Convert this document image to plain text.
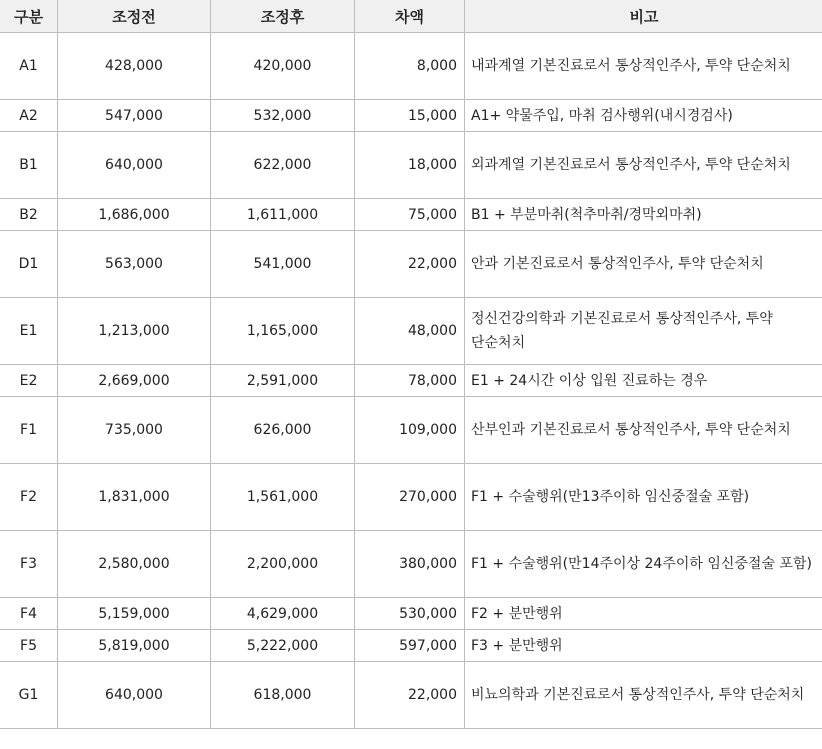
구분	조정전	조정후	차액	비고
A1	428,000	420,000	8,000	내과계열 기본진료로서 통상적인주사, 투약 단순처치
A2	547,000	532,000	15,000	A1+ 약물주입, 마취 검사행위(내시경검사)
B1	640,000	622,000	18,000	외과계열 기본진료로서 통상적인주사, 투약 단순처치
B2	1,686,000	1,611,000	75,000	B1 + 부분마취(척추마취/경막외마취)
D1	563,000	541,000	22,000	안과 기본진료로서 통상적인주사, 투약 단순처치
E1	1,213,000	1,165,000	48,000	정신건강의학과 기본진료로서 통상적인주사, 투약 단순처치
E2	2,669,000	2,591,000	78,000	E1 + 24시간 이상 입원 진료하는 경우
F1	735,000	626,000	109,000	산부인과 기본진료로서 통상적인주사, 투약 단순처치
F2	1,831,000	1,561,000	270,000	F1 + 수술행위(만13주이하 임신중절술 포함)
F3	2,580,000	2,200,000	380,000	F1 + 수술행위(만14주이상 24주이하 임신중절술 포함)
F4	5,159,000	4,629,000	530,000	F2 + 분만행위
F5	5,819,000	5,222,000	597,000	F3 + 분만행위
G1	640,000	618,000	22,000	비뇨의학과 기본진료로서 통상적인주사, 투약 단순처치
